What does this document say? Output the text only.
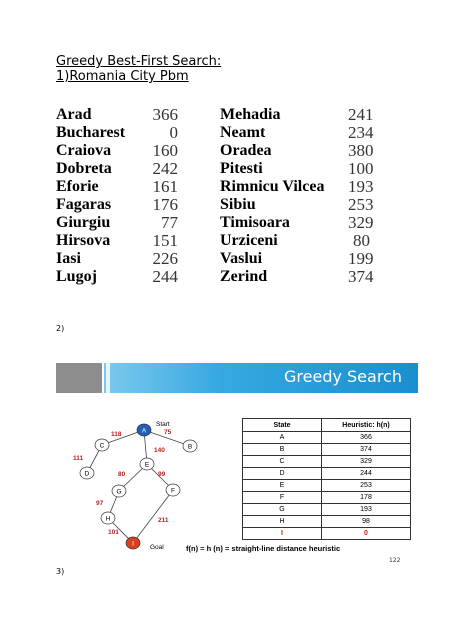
Greedy Best-First Search:
1)Romania City Pbm
Arad	366
Bucharest	0
Craiova	160
Dobreta	242
Eforie	161
Fagaras	176
Giurgiu	77
Hirsova	151
Iasi	226
Lugoj	244
Mehadia	241
Neamt	234
Oradea	380
Pitesti	100
Rimnicu Vilcea	193
Sibiu	253
Timisoara	329
Urziceni	80
Vaslui	199
Zerind	374
2)
Greedy Search
118	75
140
111
80	99
97
101
211
A
B
C
D
E
F
G
H
I
Start
Goal
State	Heuristic: h(n)
A	366
B	374
C	329
D	244
E	253
F	178
G	193
H	98
I	0
f(n) = h (n) = straight-line distance heuristic
122
3)
